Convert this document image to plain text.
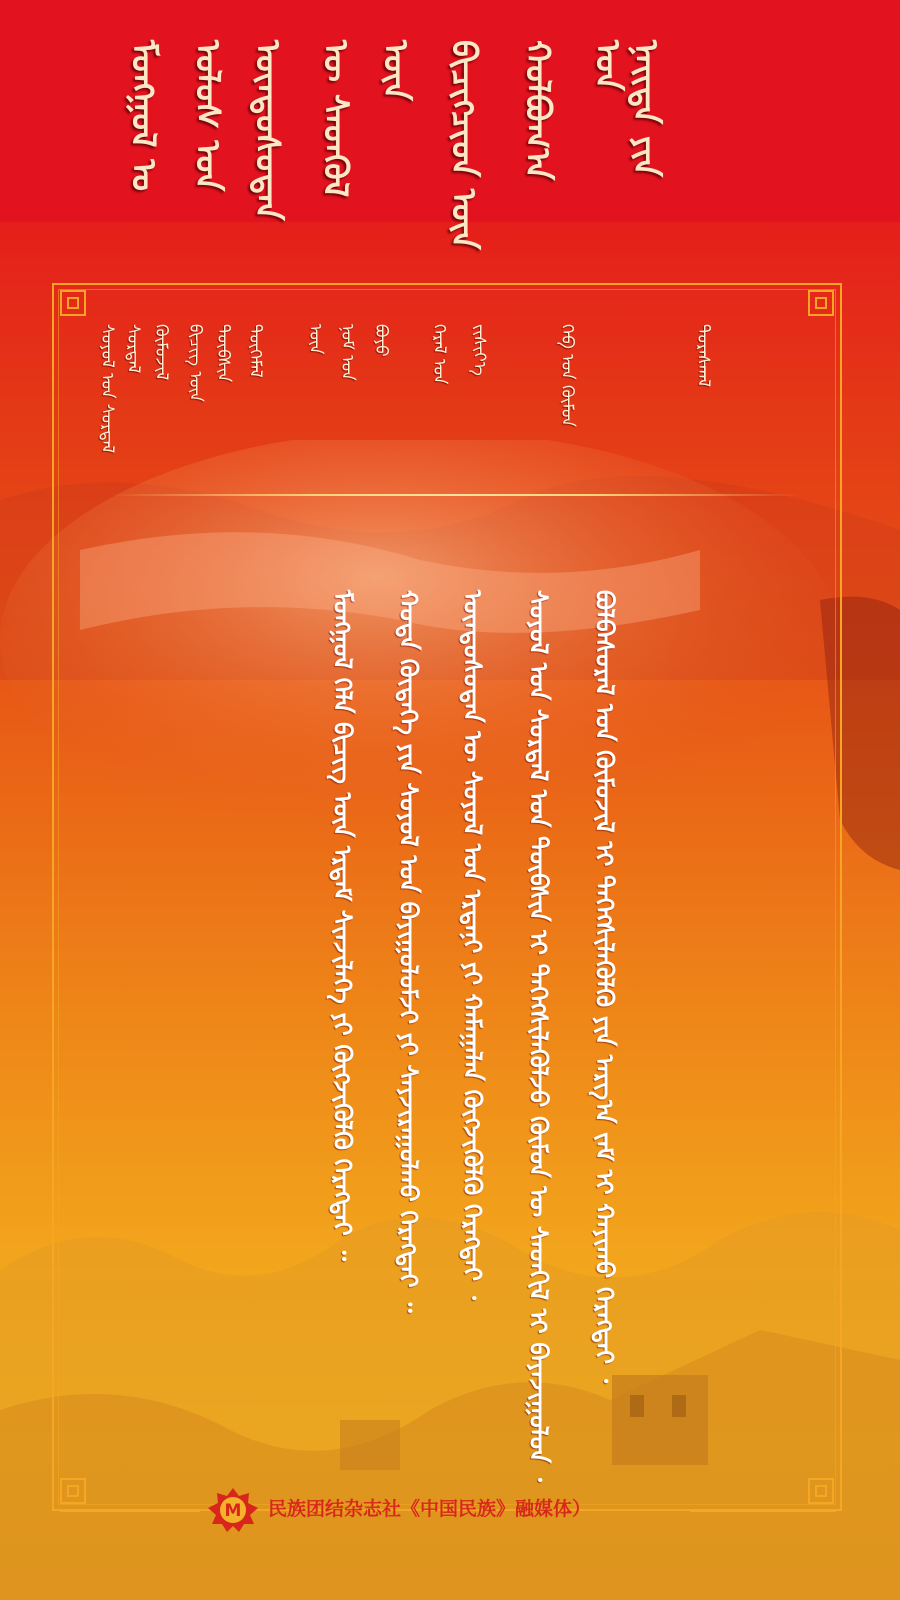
ᠮᠣᠩᠭᠣᠯ ᠤ ᠤᠯᠤᠰ ᠤᠨ ᠦᠨᠳᠦᠰᠦᠲᠡᠨ ᠦ ᠰᠡᠳᠬᠦᠯ ᠦᠨ ᠪᠢᠴᠢᠭᠴᠢᠳ ᠦᠨ ᠬᠣᠯᠪᠣᠭ᠎ᠠ ᠤᠨ
ᠨᠡᠢᠲᠡ ᠶᠢᠨ
ᠰᠣᠶᠣᠯ ᠤᠨ ᠰᠤᠷᠲᠠᠯ ᠰᠤᠷᠲᠠᠯ ᠬᠦᠮᠦᠵᠢᠯ ᠪᠢᠴᠢᠭ ᠦᠨ ᠲᠦᠪᠰᠢᠨ ᠲᠦᠭᠡᠮᠡᠯ ᠦᠨ ᠨᠣᠮ ᠤᠨ ᠪᠤᠶᠤ ᠭᠡᠷᠡᠯ ᠤᠨ ᠵᠢᠱᠢᠶ᠎ᠡ	ᠬᠡᠪ ᠤᠨ ᠬᠦᠮᠦᠨ	ᠳᠤᠷᠠᠰᠬᠠᠯ
ᠪᠣᠯᠪᠠᠰᠤᠷᠠᠯ ᠤᠨ ᠬᠦᠮᠦᠵᠢᠯ ᠢ ᠳᠡᠭᠡᠭᠰᠢᠯᠡᠭᠦᠯᠬᠦ ᠶᠢᠨ ᠠᠷᠭ᠎ᠠ ᠵᠠᠮ ᠢ ᠬᠠᠶᠢᠬᠤ ᠬᠡᠷᠡᠭᠲᠡᠢ ᠂
ᠰᠣᠶᠣᠯ ᠤᠨ ᠰᠤᠷᠲᠠᠯ ᠤᠨ ᠲᠦᠪᠰᠢᠨ ᠢ ᠳᠡᠭᠡᠭᠰᠢᠯᠡᠭᠦᠯᠵᠦ ᠬᠦᠮᠦᠨ ᠦ ᠰᠡᠳᠬᠢᠯ ᠢ ᠪᠠᠶᠠᠵᠢᠭᠤᠯᠤᠨ ᠂
ᠦᠨᠳᠦᠰᠦᠲᠡᠨ ᠦ ᠰᠣᠶᠣᠯ ᠤᠨ ᠡᠷᠳᠡᠨᠢ ᠶᠢ ᠬᠠᠮᠠᠭᠠᠯᠠᠨ ᠬᠥᠭᠵᠢᠭᠦᠯᠬᠦ ᠬᠡᠷᠡᠭᠲᠡᠢ ᠂
ᠬᠣᠲᠠ ᠬᠥᠳᠡᠭᠡ ᠶᠢᠨ ᠰᠣᠶᠣᠯ ᠤᠨ ᠪᠠᠶᠢᠭᠤᠯᠤᠮᠵᠢ ᠶᠢ ᠰᠠᠶᠵᠢᠷᠠᠭᠤᠯᠬᠤ ᠬᠡᠷᠡᠭᠲᠡᠢ ᠃
ᠮᠣᠩᠭᠣᠯ ᠬᠡᠯᠡ ᠪᠢᠴᠢᠭ ᠦᠨ ᠡᠷᠳᠡᠮ ᠰᠢᠨᠵᠢᠯᠡᠭᠡ ᠶᠢ ᠬᠥᠭᠵᠢᠭᠦᠯᠬᠦ ᠬᠡᠷᠡᠭᠲᠡᠢ ᠃
M 民族团结杂志社《中国民族》融媒体）
